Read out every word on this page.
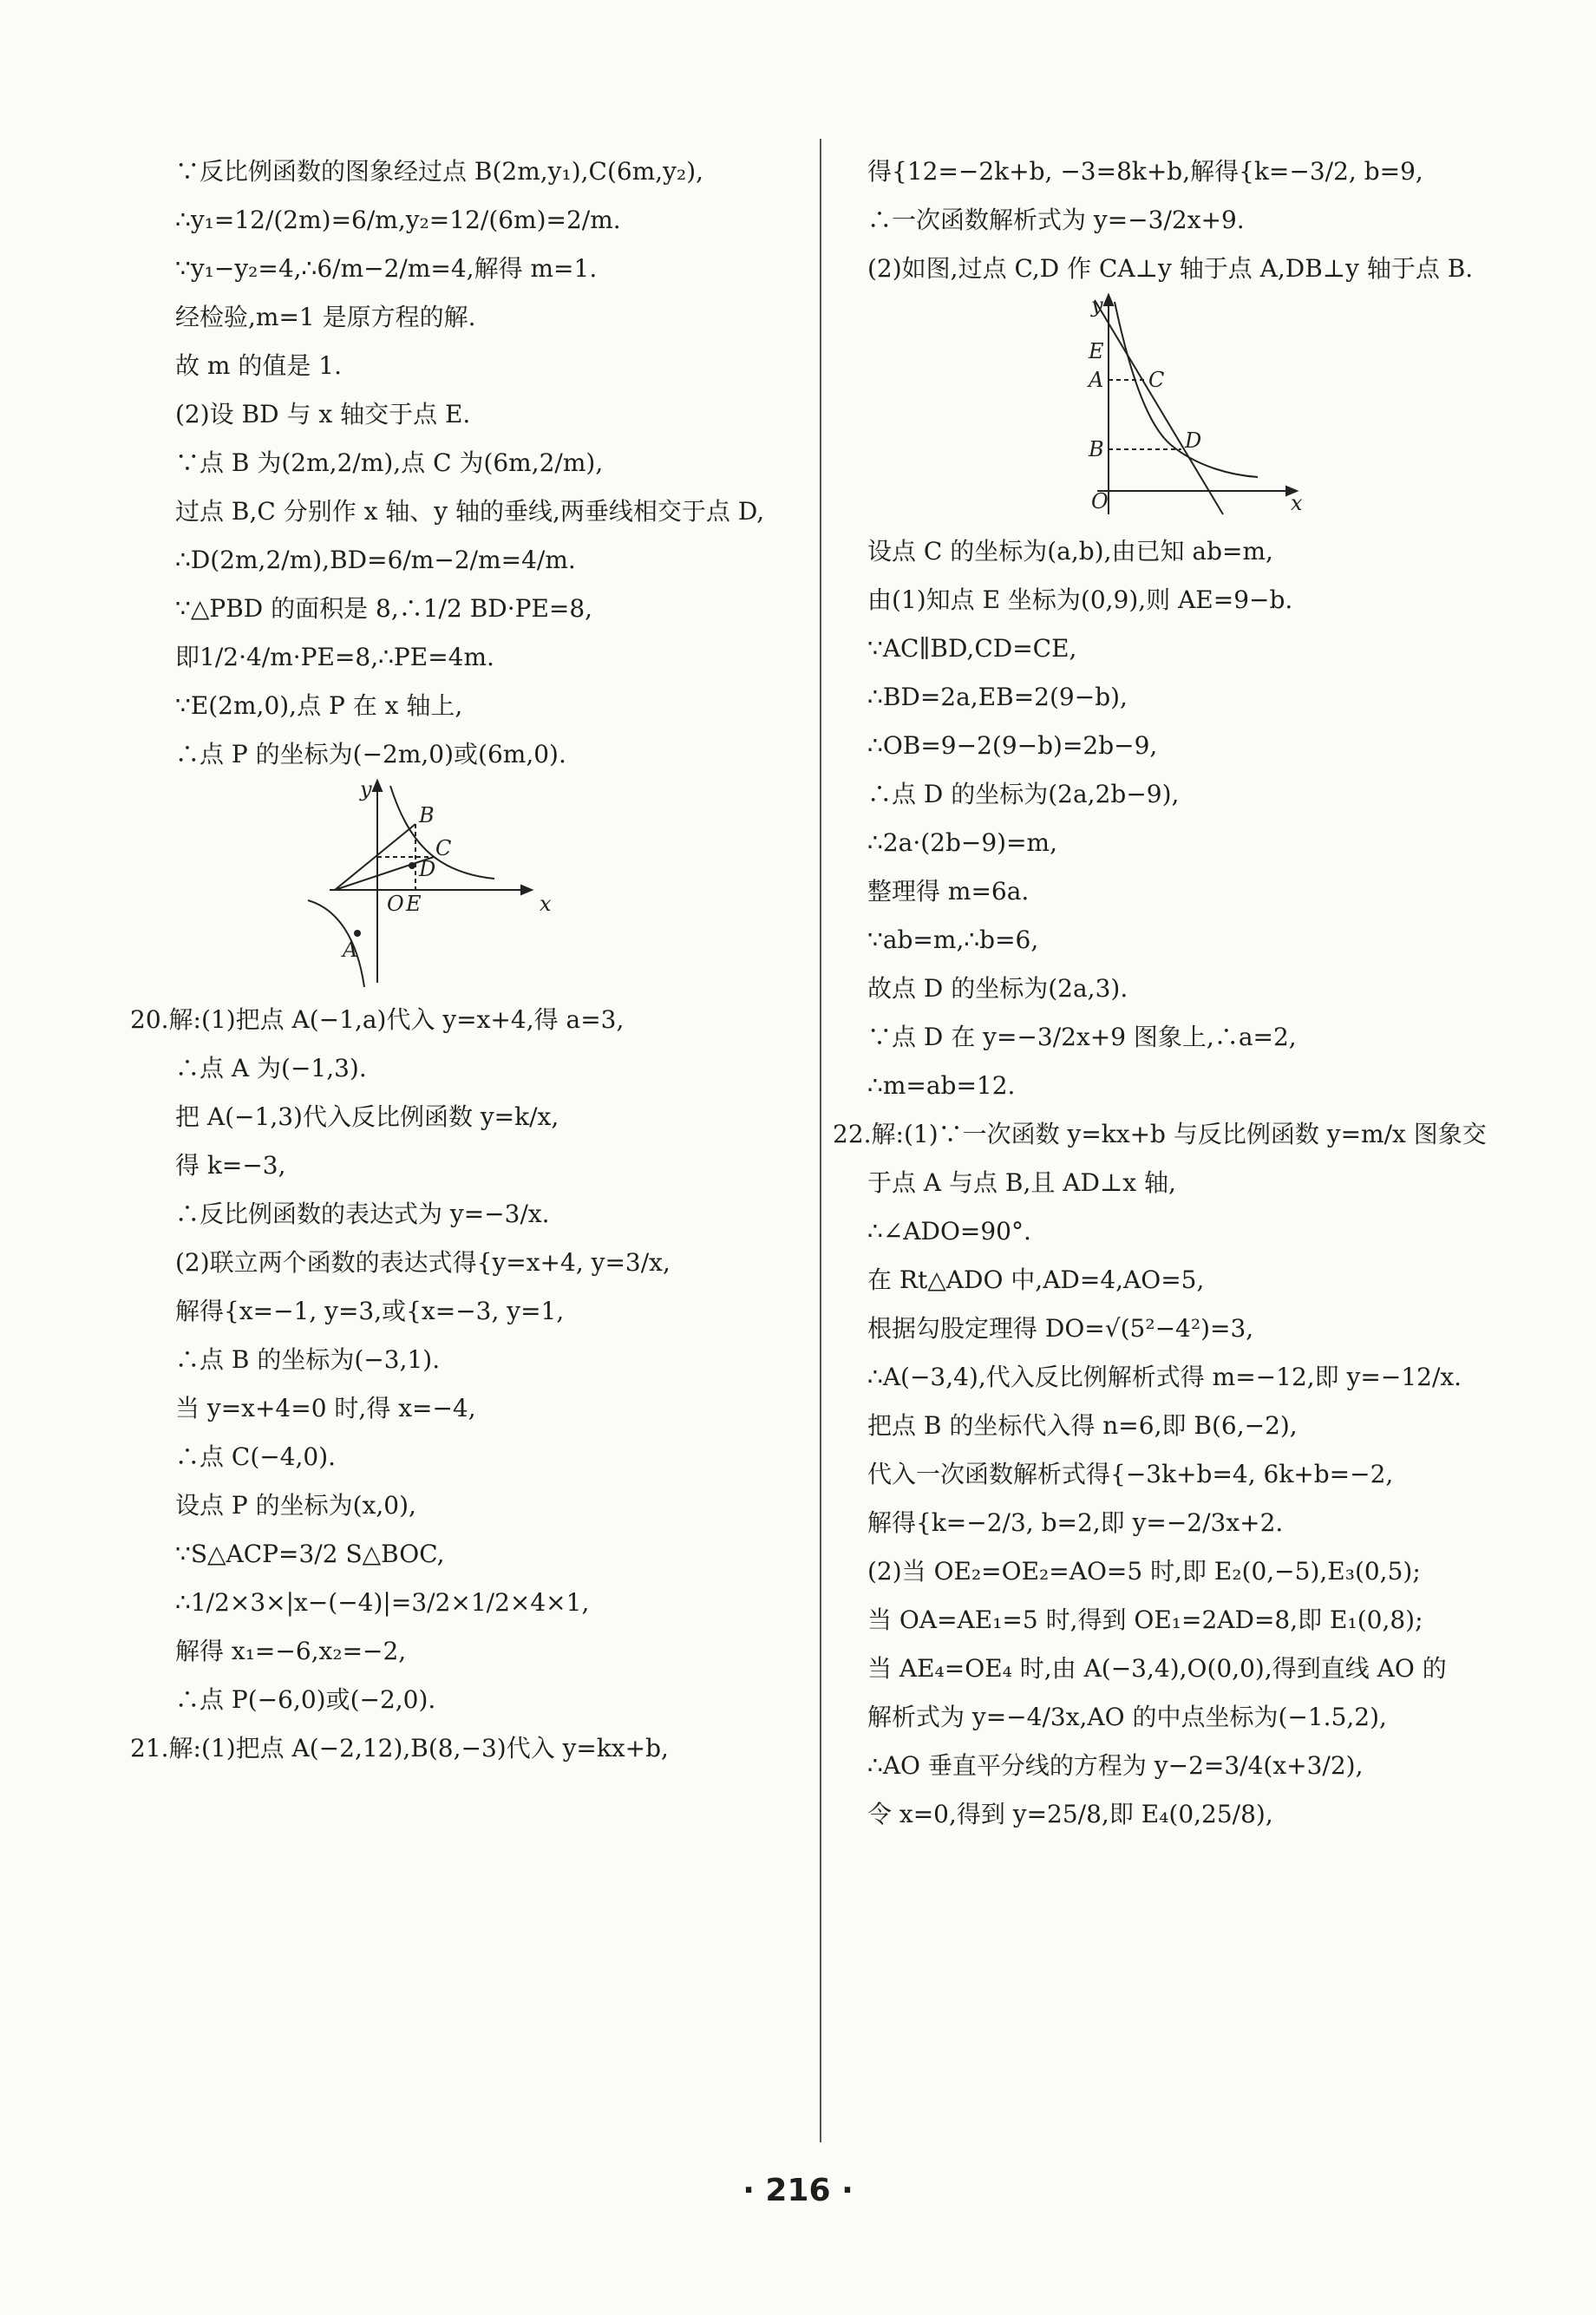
∵反比例函数的图象经过点 B(2m,y₁),C(6m,y₂),
∴y₁=12/(2m)=6/m,y₂=12/(6m)=2/m.
∵y₁−y₂=4,∴6/m−2/m=4,解得 m=1.
经检验,m=1 是原方程的解.
故 m 的值是 1.
(2)设 BD 与 x 轴交于点 E.
∵点 B 为(2m,2/m),点 C 为(6m,2/m),
过点 B,C 分别作 x 轴、y 轴的垂线,两垂线相交于点 D,
∴D(2m,2/m),BD=6/m−2/m=4/m.
∵△PBD 的面积是 8,∴1/2 BD·PE=8,
即1/2·4/m·PE=8,∴PE=4m.
∵E(2m,0),点 P 在 x 轴上,
∴点 P 的坐标为(−2m,0)或(6m,0).
y
B
C
D
O E	x
A
20.解:(1)把点 A(−1,a)代入 y=x+4,得 a=3,
∴点 A 为(−1,3).
把 A(−1,3)代入反比例函数 y=k/x,
得 k=−3,
∴反比例函数的表达式为 y=−3/x.
(2)联立两个函数的表达式得{y=x+4, y=3/x,
解得{x=−1, y=3,或{x=−3, y=1,
∴点 B 的坐标为(−3,1).
当 y=x+4=0 时,得 x=−4,
∴点 C(−4,0).
设点 P 的坐标为(x,0),
∵S△ACP=3/2 S△BOC,
∴1/2×3×|x−(−4)|=3/2×1/2×4×1,
解得 x₁=−6,x₂=−2,
∴点 P(−6,0)或(−2,0).
21.解:(1)把点 A(−2,12),B(8,−3)代入 y=kx+b,
得{12=−2k+b, −3=8k+b,解得{k=−3/2, b=9,
∴一次函数解析式为 y=−3/2x+9.
(2)如图,过点 C,D 作 CA⊥y 轴于点 A,DB⊥y 轴于点 B.
y
E
A C
B	D
O	x
设点 C 的坐标为(a,b),由已知 ab=m,
由(1)知点 E 坐标为(0,9),则 AE=9−b.
∵AC∥BD,CD=CE,
∴BD=2a,EB=2(9−b),
∴OB=9−2(9−b)=2b−9,
∴点 D 的坐标为(2a,2b−9),
∴2a·(2b−9)=m,
整理得 m=6a.
∵ab=m,∴b=6,
故点 D 的坐标为(2a,3).
∵点 D 在 y=−3/2x+9 图象上,∴a=2,
∴m=ab=12.
22.解:(1)∵一次函数 y=kx+b 与反比例函数 y=m/x 图象交
于点 A 与点 B,且 AD⊥x 轴,
∴∠ADO=90°.
在 Rt△ADO 中,AD=4,AO=5,
根据勾股定理得 DO=√(5²−4²)=3,
∴A(−3,4),代入反比例解析式得 m=−12,即 y=−12/x.
把点 B 的坐标代入得 n=6,即 B(6,−2),
代入一次函数解析式得{−3k+b=4, 6k+b=−2,
解得{k=−2/3, b=2,即 y=−2/3x+2.
(2)当 OE₂=OE₂=AO=5 时,即 E₂(0,−5),E₃(0,5);
当 OA=AE₁=5 时,得到 OE₁=2AD=8,即 E₁(0,8);
当 AE₄=OE₄ 时,由 A(−3,4),O(0,0),得到直线 AO 的
解析式为 y=−4/3x,AO 的中点坐标为(−1.5,2),
∴AO 垂直平分线的方程为 y−2=3/4(x+3/2),
令 x=0,得到 y=25/8,即 E₄(0,25/8),
· 216 ·
